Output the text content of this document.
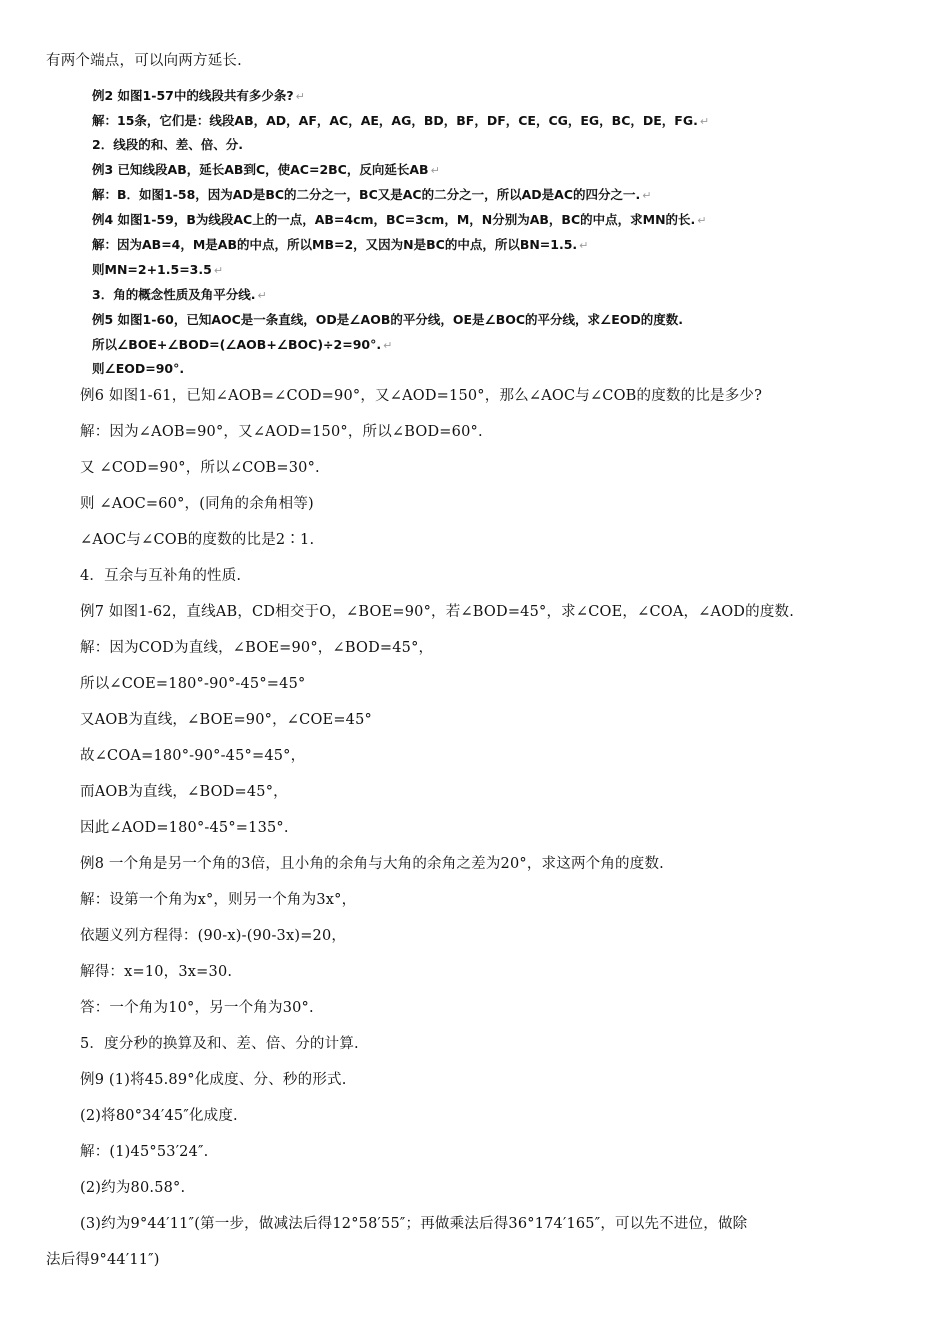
有两个端点，可以向两方延长.
例2 如图1-57中的线段共有多少条? ↵
解：15条，它们是：线段AB，AD，AF，AC，AE，AG，BD，BF，DF，CE，CG，EG，BC，DE，FG. ↵
2．线段的和、差、倍、分.
例3 已知线段AB，延长AB到C，使AC=2BC，反向延长AB ↵
解：B．如图1-58，因为AD是BC的二分之一，BC又是AC的二分之一，所以AD是AC的四分之一. ↵
例4 如图1-59，B为线段AC上的一点，AB=4cm，BC=3cm，M，N分别为AB，BC的中点，求MN的长. ↵
解：因为AB=4，M是AB的中点，所以MB=2，又因为N是BC的中点，所以BN=1.5. ↵
则MN=2+1.5=3.5 ↵
3．角的概念性质及角平分线. ↵
例5 如图1-60，已知AOC是一条直线，OD是∠AOB的平分线，OE是∠BOC的平分线，求∠EOD的度数.
所以∠BOE+∠BOD=(∠AOB+∠BOC)÷2=90°. ↵
则∠EOD=90°.
例6 如图1-61，已知∠AOB=∠COD=90°，又∠AOD=150°，那么∠AOC与∠COB的度数的比是多少?
解：因为∠AOB=90°，又∠AOD=150°，所以∠BOD=60°.
又 ∠COD=90°，所以∠COB=30°.
则 ∠AOC=60°，(同角的余角相等)
∠AOC与∠COB的度数的比是2∶1.
4．互余与互补角的性质.
例7 如图1-62，直线AB，CD相交于O，∠BOE=90°，若∠BOD=45°，求∠COE，∠COA，∠AOD的度数.
解：因为COD为直线，∠BOE=90°，∠BOD=45°，
所以∠COE=180°-90°-45°=45°
又AOB为直线，∠BOE=90°，∠COE=45°
故∠COA=180°-90°-45°=45°，
而AOB为直线，∠BOD=45°，
因此∠AOD=180°-45°=135°.
例8 一个角是另一个角的3倍，且小角的余角与大角的余角之差为20°，求这两个角的度数.
解：设第一个角为x°，则另一个角为3x°，
依题义列方程得：(90-x)-(90-3x)=20，
解得：x=10，3x=30.
答：一个角为10°，另一个角为30°.
5．度分秒的换算及和、差、倍、分的计算.
例9 (1)将45.89°化成度、分、秒的形式.
(2)将80°34′45″化成度.
解：(1)45°53′24″.
(2)约为80.58°.
(3)约为9°44′11″(第一步，做减法后得12°58′55″；再做乘法后得36°174′165″，可以先不进位，做除
法后得9°44′11″)
